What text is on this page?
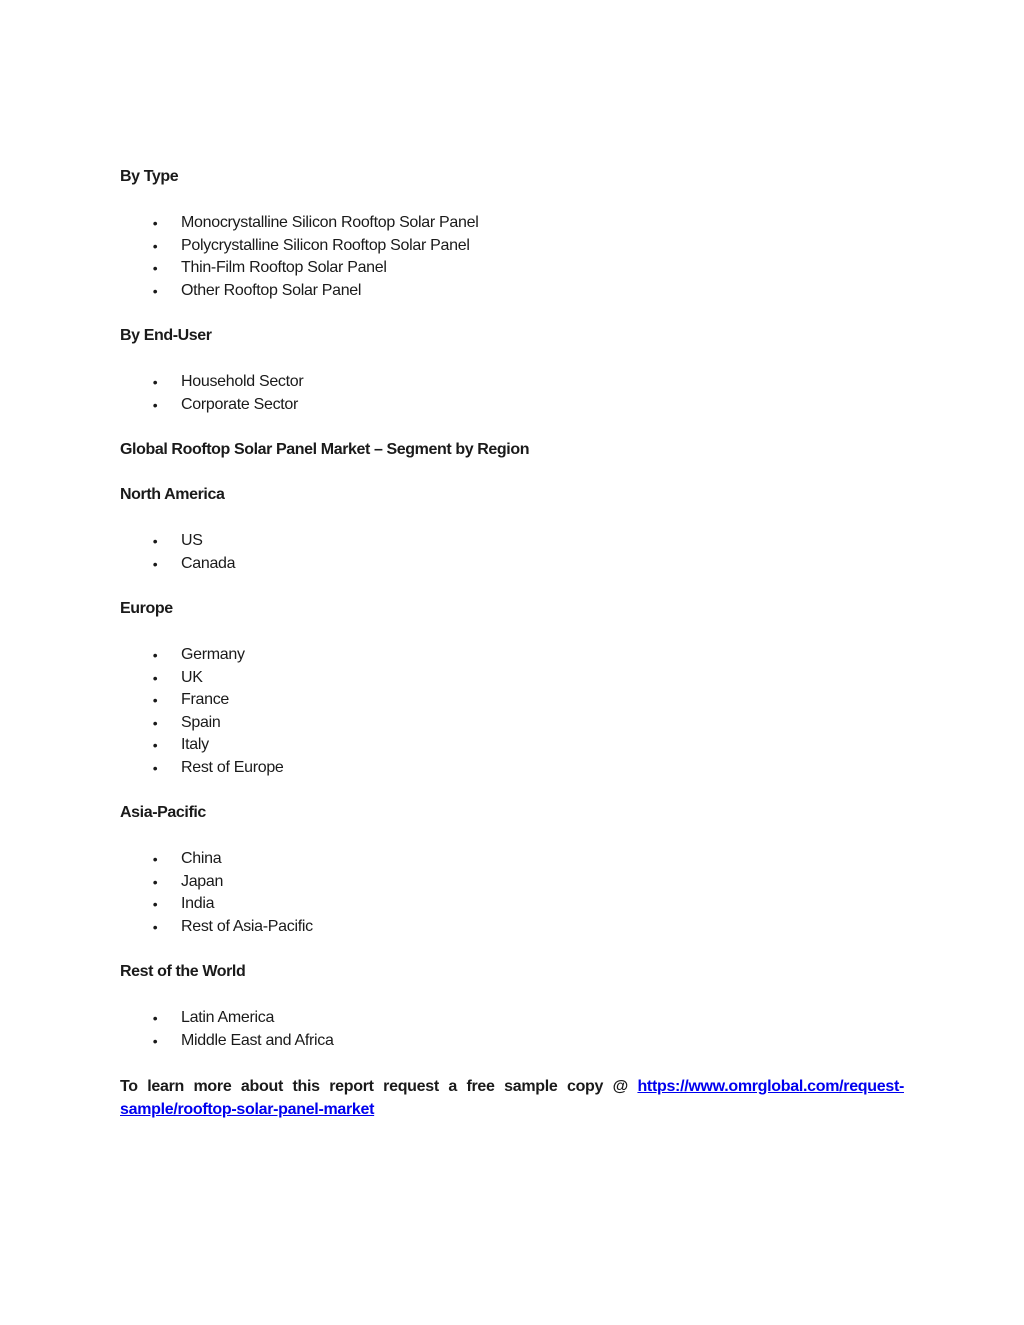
By Type
• Monocrystalline Silicon Rooftop Solar Panel
• Polycrystalline Silicon Rooftop Solar Panel
• Thin-Film Rooftop Solar Panel
• Other Rooftop Solar Panel
By End-User
• Household Sector
• Corporate Sector
Global Rooftop Solar Panel Market – Segment by Region
North America
• US
• Canada
Europe
• Germany
• UK
• France
• Spain
• Italy
• Rest of Europe
Asia-Pacific
• China
• Japan
• India
• Rest of Asia-Pacific
Rest of the World
• Latin America
• Middle East and Africa

To learn more about this report request a free sample copy @ https://www.omrglobal.com/request-
sample/rooftop-solar-panel-market
